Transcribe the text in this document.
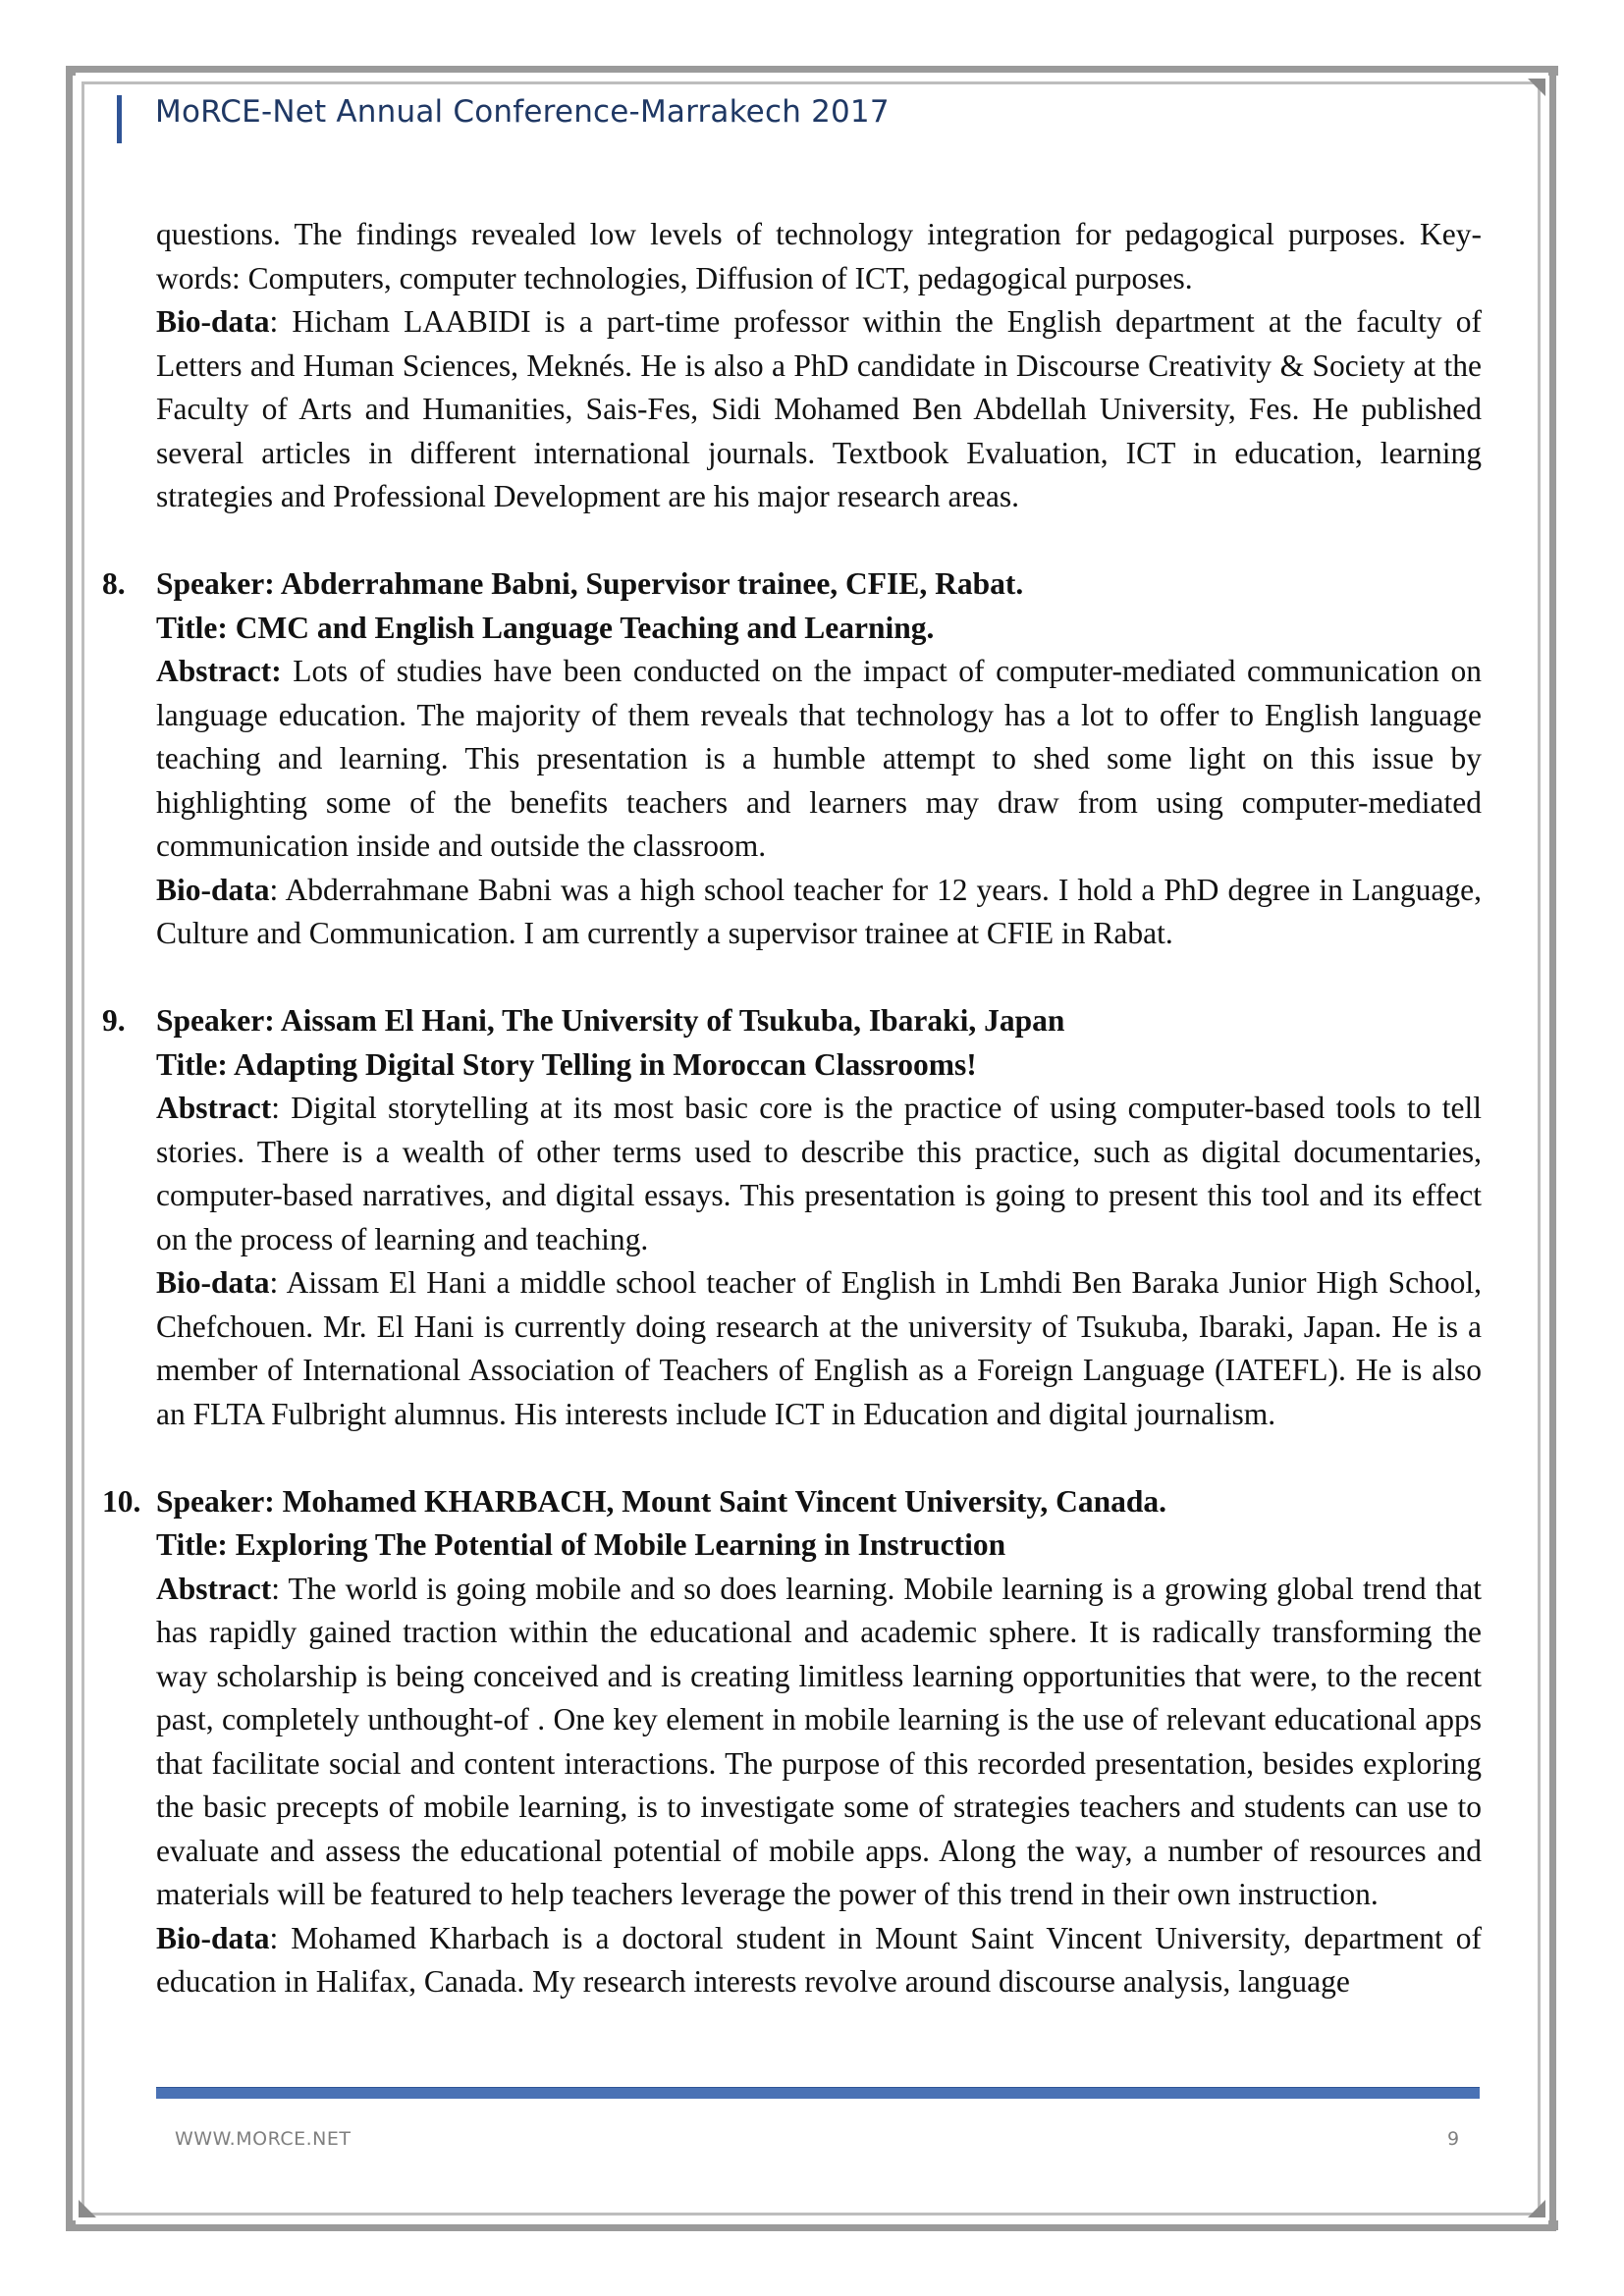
MoRCE-Net Annual Conference-Marrakech 2017

questions. The findings revealed low levels of technology integration for pedagogical purposes. Key-words: Computers, computer technologies, Diffusion of ICT, pedagogical purposes.

Bio-data: Hicham LAABIDI is a part-time professor within the English department at the faculty of Letters and Human Sciences, Meknés. He is also a PhD candidate in Discourse Creativity & Society at the Faculty of Arts and Humanities, Sais-Fes, Sidi Mohamed Ben Abdellah University, Fes. He published several articles in different international journals. Textbook Evaluation, ICT in education, learning strategies and Professional Development are his major research areas.

8. Speaker: Abderrahmane Babni, Supervisor trainee, CFIE, Rabat.

Title: CMC and English Language Teaching and Learning.

Abstract: Lots of studies have been conducted on the impact of computer-mediated communication on language education. The majority of them reveals that technology has a lot to offer to English language teaching and learning. This presentation is a humble attempt to shed some light on this issue by highlighting some of the benefits teachers and learners may draw from using computer-mediated communication inside and outside the classroom.

Bio-data: Abderrahmane Babni was a high school teacher for 12 years. I hold a PhD degree in Language, Culture and Communication. I am currently a supervisor trainee at CFIE in Rabat.

9. Speaker: Aissam El Hani, The University of Tsukuba, Ibaraki, Japan

Title: Adapting Digital Story Telling in Moroccan Classrooms!

Abstract: Digital storytelling at its most basic core is the practice of using computer-based tools to tell stories. There is a wealth of other terms used to describe this practice, such as digital documentaries, computer-based narratives, and digital essays. This presentation is going to present this tool and its effect on the process of learning and teaching.

Bio-data: Aissam El Hani a middle school teacher of English in Lmhdi Ben Baraka Junior High School, Chefchouen. Mr. El Hani is currently doing research at the university of Tsukuba, Ibaraki, Japan. He is a member of International Association of Teachers of English as a Foreign Language (IATEFL). He is also an FLTA Fulbright alumnus. His interests include ICT in Education and digital journalism.

10. Speaker: Mohamed KHARBACH, Mount Saint Vincent University, Canada.

Title: Exploring The Potential of Mobile Learning in Instruction

Abstract: The world is going mobile and so does learning. Mobile learning is a growing global trend that has rapidly gained traction within the educational and academic sphere. It is radically transforming the way scholarship is being conceived and is creating limitless learning opportunities that were, to the recent past, completely unthought-of . One key element in mobile learning is the use of relevant educational apps that facilitate social and content interactions. The purpose of this recorded presentation, besides exploring the basic precepts of mobile learning, is to investigate some of strategies teachers and students can use to evaluate and assess the educational potential of mobile apps. Along the way, a number of resources and materials will be featured to help teachers leverage the power of this trend in their own instruction.

Bio-data: Mohamed Kharbach is a doctoral student in Mount Saint Vincent University, department of education in Halifax, Canada. My research interests revolve around discourse analysis, language

WWW.MORCE.NET	9
